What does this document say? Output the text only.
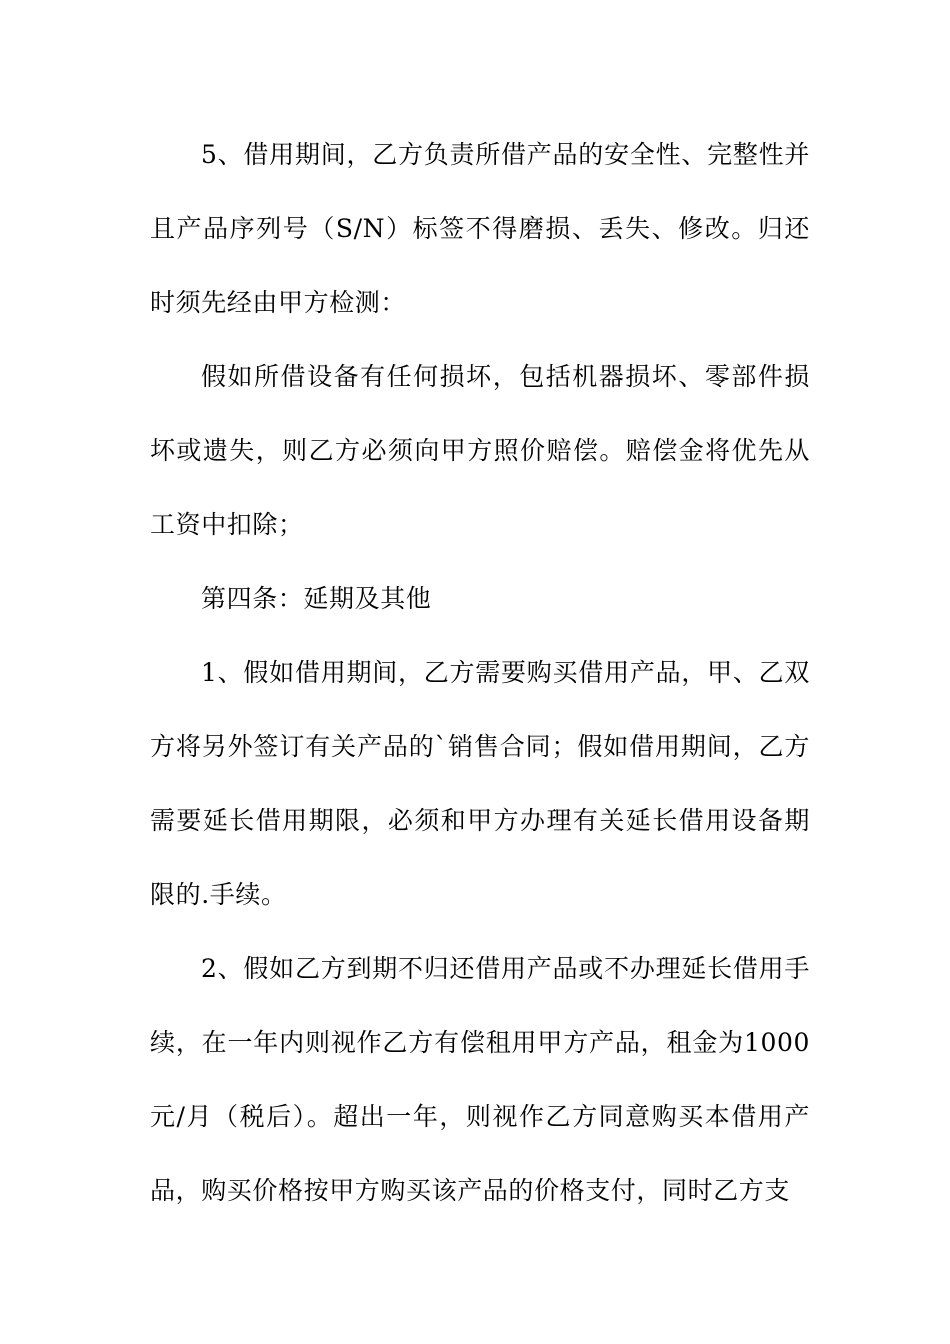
5、借用期间，乙方负责所借产品的安全性、完整性并且产品序列号（S/N）标签不得磨损、丢失、修改。归还时须先经由甲方检测：

假如所借设备有任何损坏，包括机器损坏、零部件损坏或遗失，则乙方必须向甲方照价赔偿。赔偿金将优先从工资中扣除；

第四条：延期及其他

1、假如借用期间，乙方需要购买借用产品，甲、乙双方将另外签订有关产品的`销售合同；假如借用期间，乙方需要延长借用期限，必须和甲方办理有关延长借用设备期限的.手续。

2、假如乙方到期不归还借用产品或不办理延长借用手续，在一年内则视作乙方有偿租用甲方产品，租金为1000元/月（税后）。超出一年，则视作乙方同意购买本借用产品，购买价格按甲方购买该产品的价格支付，同时乙方支
